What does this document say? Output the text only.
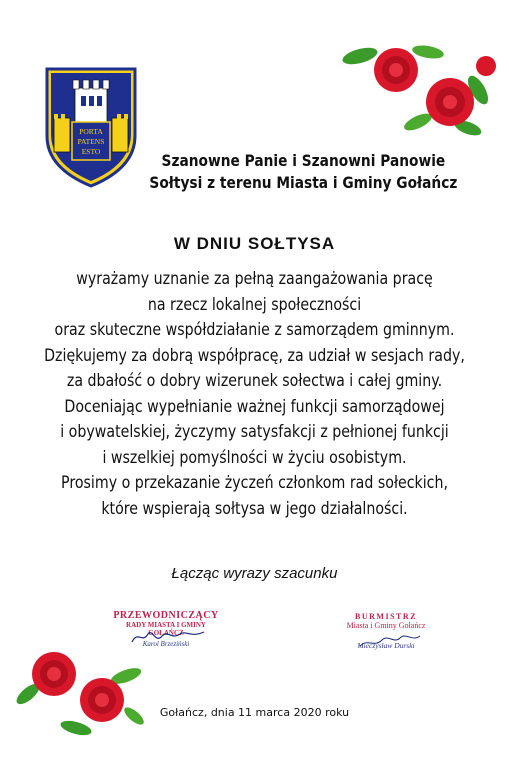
PORTA
PATENS
ESTO	Szanowne Panie i Szanowni Panowie
Sołtysi z terenu Miasta i Gminy Gołańcz
W DNIU SOŁTYSA
wyrażamy uznanie za pełną zaangażowania pracę
na rzecz lokalnej społeczności
oraz skuteczne współdziałanie z samorządem gminnym.
Dziękujemy za dobrą współpracę, za udział w sesjach rady,
za dbałość o dobry wizerunek sołectwa i całej gminy.
Doceniając wypełnianie ważnej funkcji samorządowej
i obywatelskiej, życzymy satysfakcji z pełnionej funkcji
i wszelkiej pomyślności w życiu osobistym.
Prosimy o przekazanie życzeń członkom rad sołeckich,
które wspierają sołtysa w jego działalności.
Łącząc wyrazy szacunku
PRZEWODNICZĄCY
RADY MIASTA I GMINY
GOŁAŃCZ
Karol Brzeziński
BURMISTRZ
Miasta i Gminy Gołańcz
Mieczysław Durski
Gołańcz, dnia 11 marca 2020 roku
